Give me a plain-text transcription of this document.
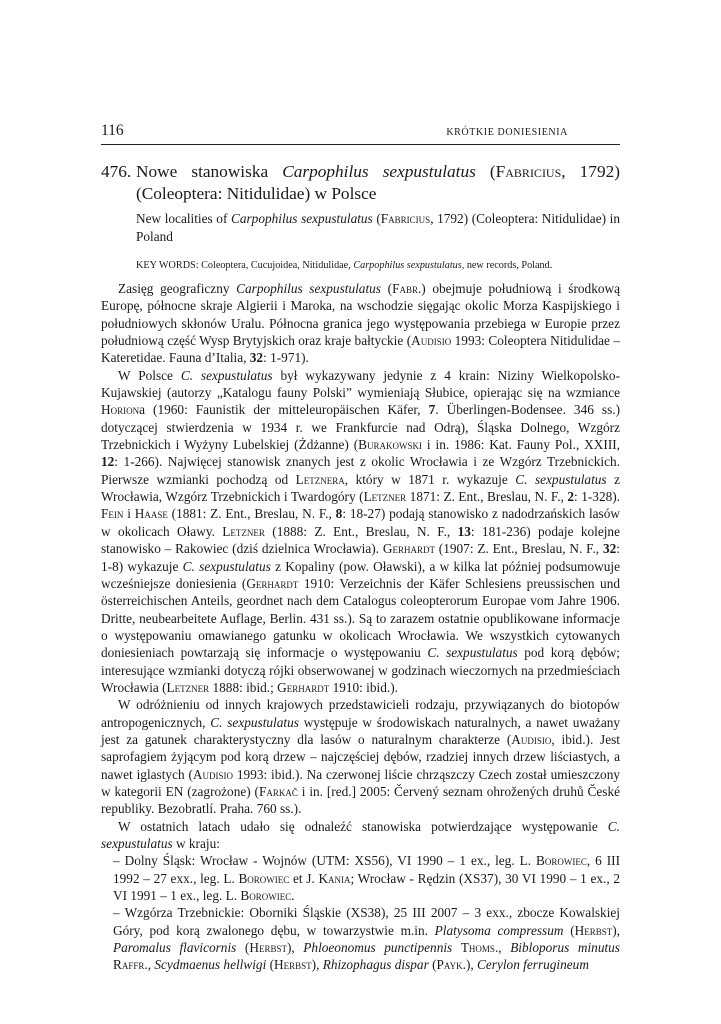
116	KRÓTKIE DONIESIENIA
476. Nowe stanowiska Carpophilus sexpustulatus (Fabricius, 1792) (Coleoptera: Nitidulidae) w Polsce
New localities of Carpophilus sexpustulatus (Fabricius, 1792) (Coleoptera: Nitidulidae) in Poland
KEY WORDS: Coleoptera, Cucujoidea, Nitidulidae, Carpophilus sexpustulatus, new records, Poland.

Zasięg geograficzny Carpophilus sexpustulatus (Fabr.) obejmuje południową i środkową Europę, północne skraje Algierii i Maroka, na wschodzie sięgając okolic Morza Kaspijskiego i południowych skłonów Uralu. Północna granica jego występowania przebiega w Europie przez południową część Wysp Brytyjskich oraz kraje bałtyckie (Audisio 1993: Coleoptera Nitidulidae – Kateretidae. Fauna d’Italia, 32: 1-971).

W Polsce C. sexpustulatus był wykazywany jedynie z 4 krain: Niziny Wielkopolsko-Kujawskiej (autorzy „Katalogu fauny Polski” wymieniają Słubice, opierając się na wzmiance Horiona (1960: Faunistik der mitteleuropäischen Käfer, 7. Überlingen-Bodensee. 346 ss.) dotyczącej stwierdzenia w 1934 r. we Frankfurcie nad Odrą), Śląska Dolnego, Wzgórz Trzebnickich i Wyżyny Lubelskiej (Żdżanne) (Burakowski i in. 1986: Kat. Fauny Pol., XXIII, 12: 1-266). Najwięcej stanowisk znanych jest z okolic Wrocławia i ze Wzgórz Trzebnickich. Pierwsze wzmianki pochodzą od Letznera, który w 1871 r. wykazuje C. sexpustulatus z Wrocławia, Wzgórz Trzebnickich i Twardogóry (Letzner 1871: Z. Ent., Breslau, N. F., 2: 1-328). Fein i Haase (1881: Z. Ent., Breslau, N. F., 8: 18-27) podają stanowisko z nadodrzańskich lasów w okolicach Oławy. Letzner (1888: Z. Ent., Breslau, N. F., 13: 181-236) podaje kolejne stanowisko – Rakowiec (dziś dzielnica Wrocławia). Gerhardt (1907: Z. Ent., Breslau, N. F., 32: 1-8) wykazuje C. sexpustulatus z Kopaliny (pow. Oławski), a w kilka lat później podsumowuje wcześniejsze doniesienia (Gerhardt 1910: Verzeichnis der Käfer Schlesiens preussischen und österreichischen Anteils, geordnet nach dem Catalogus coleopterorum Europae vom Jahre 1906. Dritte, neubearbeitete Auflage, Berlin. 431 ss.). Są to zarazem ostatnie opublikowane informacje o występowaniu omawianego gatunku w okolicach Wrocławia. We wszystkich cytowanych doniesieniach powtarzają się informacje o występowaniu C. sexpustulatus pod korą dębów; interesujące wzmianki dotyczą rójki obserwowanej w godzinach wieczornych na przedmieściach Wrocławia (Letzner 1888: ibid.; Gerhardt 1910: ibid.).

W odróżnieniu od innych krajowych przedstawicieli rodzaju, przywiązanych do biotopów antropogenicznych, C. sexpustulatus występuje w środowiskach naturalnych, a nawet uważany jest za gatunek charakterystyczny dla lasów o naturalnym charakterze (Audisio, ibid.). Jest saprofagiem żyjącym pod korą drzew – najczęściej dębów, rzadziej innych drzew liściastych, a nawet iglastych (Audisio 1993: ibid.). Na czerwonej liście chrząszczy Czech został umieszczony w kategorii EN (zagrożone) (Farkač i in. [red.] 2005: Červený seznam ohrožených druhů České republiky. Bezobratlí. Praha. 760 ss.).

W ostatnich latach udało się odnaleźć stanowiska potwierdzające występowanie C. sexpustulatus w kraju:

– Dolny Śląsk: Wrocław - Wojnów (UTM: XS56), VI 1990 – 1 ex., leg. L. Borowiec, 6 III 1992 – 27 exx., leg. L. Borowiec et J. Kania; Wrocław - Rędzin (XS37), 30 VI 1990 – 1 ex., 2 VI 1991 – 1 ex., leg. L. Borowiec.

– Wzgórza Trzebnickie: Oborniki Śląskie (XS38), 25 III 2007 – 3 exx., zbocze Kowalskiej Góry, pod korą zwalonego dębu, w towarzystwie m.in. Platysoma compressum (Herbst), Paromalus flavicornis (Herbst), Phloeonomus punctipennis Thoms., Bibloporus minutus Raffr., Scydmaenus hellwigi (Herbst), Rhizophagus dispar (Payk.), Cerylon ferrugineum
